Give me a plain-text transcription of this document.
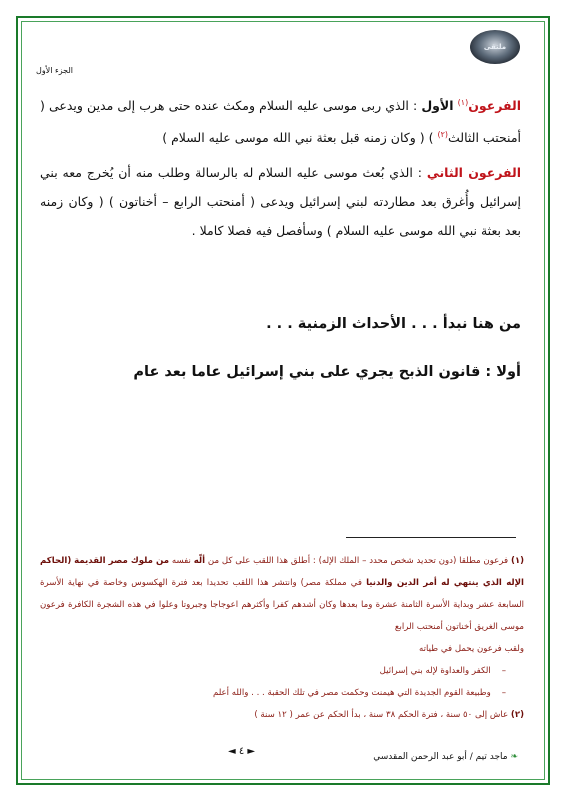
ملتقى
الجزء الأول

الفرعون$^{(١)}$ الأول : الذي ربى موسى عليه السلام ومكث عنده حتى هرب إلى مدين ويدعى ( أمنحتب الثالث$^{(٢)}$ ) ( وكان زمنه قبل بعثة نبي الله موسى عليه السلام )

الفرعون الثاني : الذي بُعث موسى عليه السلام له بالرسالة وطلب منه أن يُخرج معه بني إسرائيل وأُغرق بعد مطاردته لبني إسرائيل ويدعى ( أمنحتب الرابع – أخناتون ) ( وكان زمنه بعد بعثة نبي الله موسى عليه السلام ) وسأفصل فيه فصلا كاملا .

من هنا نبدأ . . . الأحداث الزمنية . . .
أولا : قانون الذبح يجري على بني إسرائيل عاما بعد عام

(١) فرعون مطلقا (دون تحديد شخص محدد – الملك الإله) : أطلق هذا اللقب على كل من ألّه نفسه من ملوك مصر القديمة (الحاكم الإله الذي ينتهي له أمر الدين والدنيا في مملكة مصر) وانتشر هذا اللقب تحديدا بعد فترة الهكسوس وخاصة في نهاية الأسرة السابعة عشر وبداية الأسرة الثامنة عشرة وما بعدها وكان أشدهم كفرا وأكثرهم اعوجاجا وجبروتا وعلوا في هذه الشجرة الكافرة فرعون موسى الغريق أخناتون أمنحتب الرابع

ولقب فرعون يحمل في طياته

–    الكفر والعداوة لإله بني إسرائيل

–    وطبيعة القوم الجديدة التي هيمنت وحكمت مصر في تلك الحقبة . . . والله أعلم

(٢) عاش إلى ٥٠ سنة ، فترة الحكم ٣٨ سنة ، بدأ الحكم عن عمر ( ١٢ سنة )

❧ ماجد تيم / أبو عبد الرحمن المقدسي
◄ ٤ ►
